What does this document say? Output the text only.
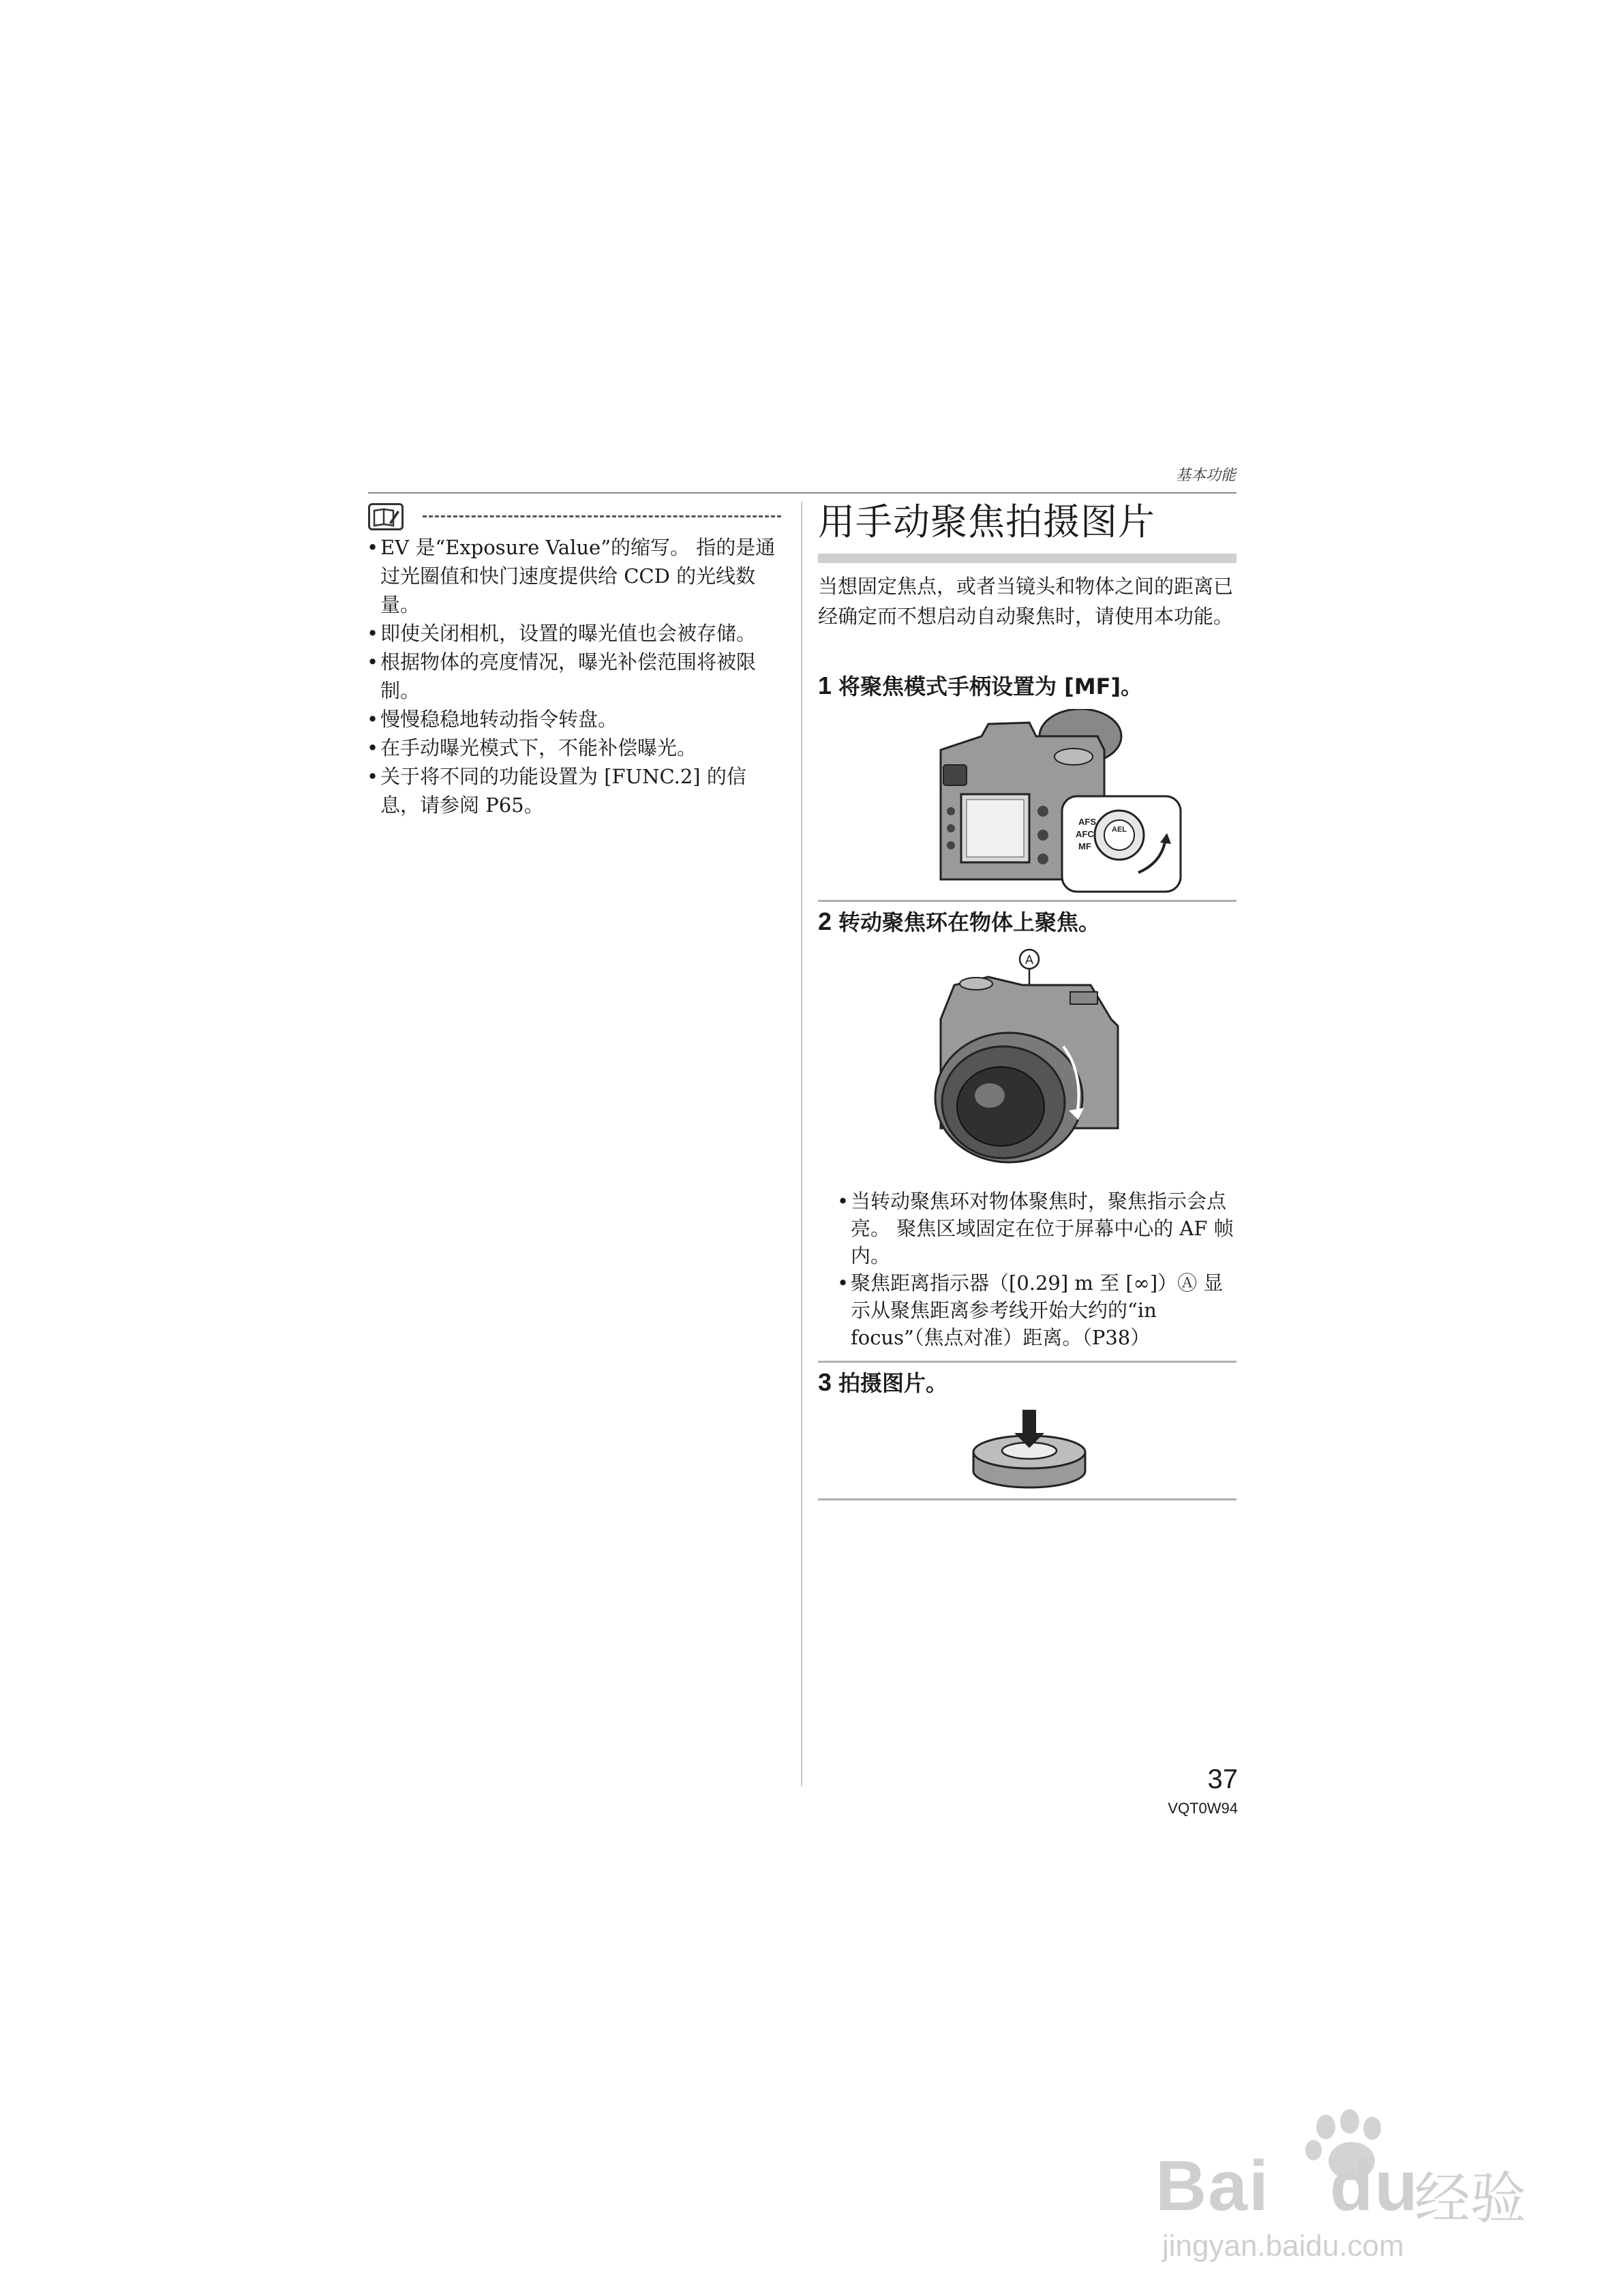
基本功能

• EV 是“Exposure Value”的缩写。 指的是通过光圈值和快门速度提供给 CCD 的光线数量。

• 即使关闭相机，设置的曝光值也会被存储。

• 根据物体的亮度情况，曝光补偿范围将被限制。

• 慢慢稳稳地转动指令转盘。

• 在手动曝光模式下，不能补偿曝光。

• 关于将不同的功能设置为 [FUNC.2] 的信息，请参阅 P65。

用手动聚焦拍摄图片
当想固定焦点，或者当镜头和物体之间的距离已经确定而不想启动自动聚焦时，请使用本功能。
1 将聚焦模式手柄设置为 [MF]。
AEL
AFS
AFC
MF
2 转动聚焦环在物体上聚焦。
A

• 当转动聚焦环对物体聚焦时，聚焦指示会点亮。 聚焦区域固定在位于屏幕中心的 AF 帧内。

• 聚焦距离指示器（[0.29] m 至 [∞]）Ⓐ 显示从聚焦距离参考线开始大约的“in focus”（焦点对准）距离。（P38）

3 拍摄图片。
37
VQT0W94
Bai du
经验
jingyan.baidu.com
